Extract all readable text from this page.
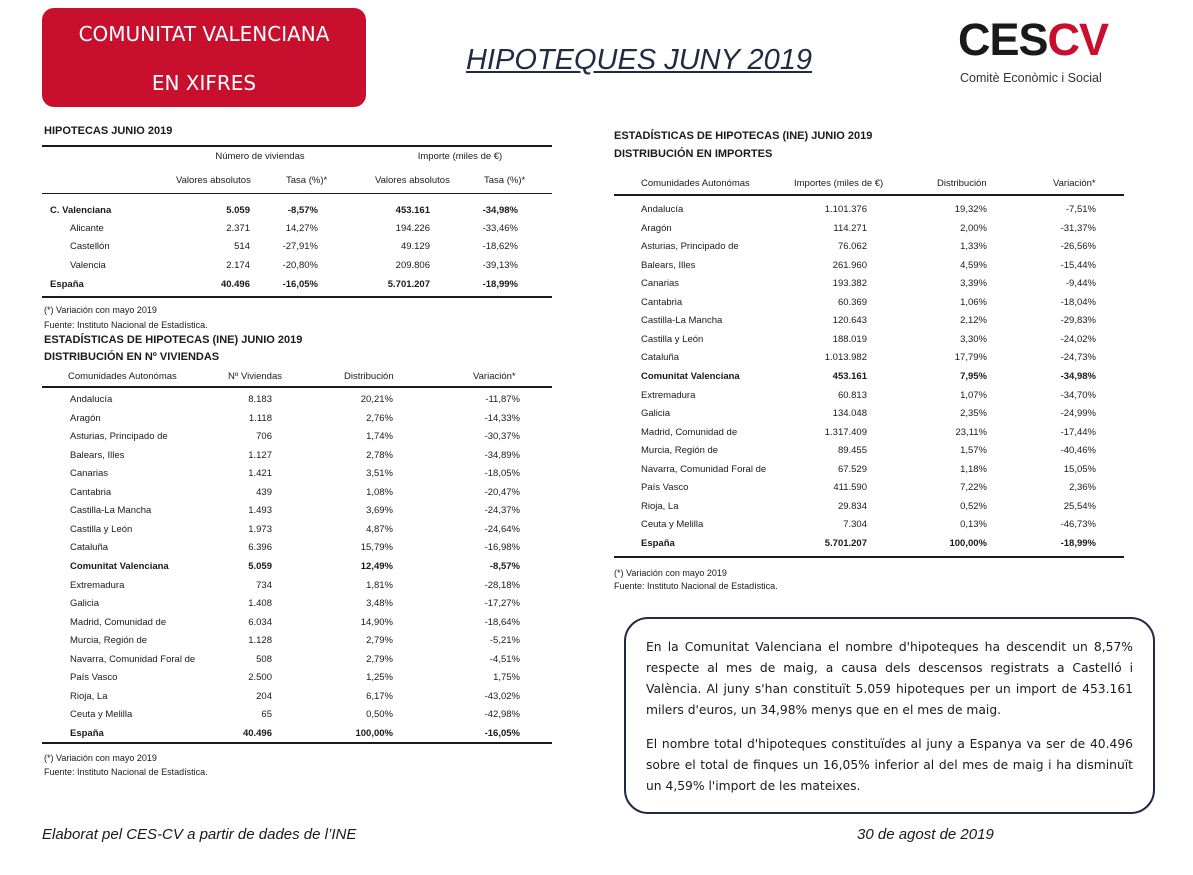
COMUNITAT VALENCIANA
EN XIFRES
HIPOTEQUES JUNY 2019	CESCV
Comitè Econòmic i Social
HIPOTECAS JUNIO 2019
Número de viviendas	Importe (miles de €)
Valores absolutos	Tasa (%)*	Valores absolutos	Tasa (%)*
C. Valenciana	5.059	-8,57%	453.161	-34,98%
Alicante	2.371	14,27%	194.226	-33,46%
Castellón	514	-27,91%	49.129	-18,62%
Valencia	2.174	-20,80%	209.806	-39,13%
España	40.496	-16,05%	5.701.207	-18,99%
(*) Variación con mayo 2019
Fuente: Instituto Nacional de Estadística.
ESTADÍSTICAS DE HIPOTECAS (INE) JUNIO 2019
DISTRIBUCIÓN EN Nº VIVIENDAS
Comunidades Autonómas	Nº Viviendas	Distribución	Variación*
Andalucía	8.183	20,21%	-11,87%
Aragón	1.118	2,76%	-14,33%
Asturias, Principado de	706	1,74%	-30,37%
Balears, Illes	1.127	2,78%	-34,89%
Canarias	1.421	3,51%	-18,05%
Cantabria	439	1,08%	-20,47%
Castilla-La Mancha	1.493	3,69%	-24,37%
Castilla y León	1.973	4,87%	-24,64%
Cataluña	6.396	15,79%	-16,98%
Comunitat Valenciana	5.059	12,49%	-8,57%
Extremadura	734	1,81%	-28,18%
Galicia	1.408	3,48%	-17,27%
Madrid, Comunidad de	6.034	14,90%	-18,64%
Murcia, Región de	1.128	2,79%	-5,21%
Navarra, Comunidad Foral de	508	2,79%	-4,51%
País Vasco	2.500	1,25%	1,75%
Rioja, La	204	6,17%	-43,02%
Ceuta y Melilla	65	0,50%	-42,98%
España	40.496	100,00%	-16,05%
(*) Variación con mayo 2019
Fuente: Instituto Nacional de Estadística.
ESTADÍSTICAS DE HIPOTECAS (INE) JUNIO 2019
DISTRIBUCIÓN EN IMPORTES
Comunidades Autonómas	Importes (miles de €)	Distribución	Variación*
Andalucía	1.101.376	19,32%	-7,51%
Aragón	114.271	2,00%	-31,37%
Asturias, Principado de	76.062	1,33%	-26,56%
Balears, Illes	261.960	4,59%	-15,44%
Canarias	193.382	3,39%	-9,44%
Cantabria	60.369	1,06%	-18,04%
Castilla-La Mancha	120.643	2,12%	-29,83%
Castilla y León	188.019	3,30%	-24,02%
Cataluña	1.013.982	17,79%	-24,73%
Comunitat Valenciana	453.161	7,95%	-34,98%
Extremadura	60.813	1,07%	-34,70%
Galicia	134.048	2,35%	-24,99%
Madrid, Comunidad de	1.317.409	23,11%	-17,44%
Murcia, Región de	89.455	1,57%	-40,46%
Navarra, Comunidad Foral de	67.529	1,18%	15,05%
País Vasco	411.590	7,22%	2,36%
Rioja, La	29.834	0,52%	25,54%
Ceuta y Melilla	7.304	0,13%	-46,73%
España	5.701.207	100,00%	-18,99%
(*) Variación con mayo 2019
Fuente: Instituto Nacional de Estadística.

En la Comunitat Valenciana el nombre d'hipoteques ha descendit un 8,57% respecte al mes de maig, a causa dels descensos registrats a Castelló i València. Al juny s'han constituït 5.059 hipoteques per un import de 453.161 milers d'euros, un 34,98% menys que en el mes de maig.

El nombre total d'hipoteques constituïdes al juny a Espanya va ser de 40.496 sobre el total de finques un 16,05% inferior al del mes de maig i ha disminuït un 4,59% l'import de les mateixes.

Elaborat pel CES-CV a partir de dades de l’INE	30 de agost de 2019
